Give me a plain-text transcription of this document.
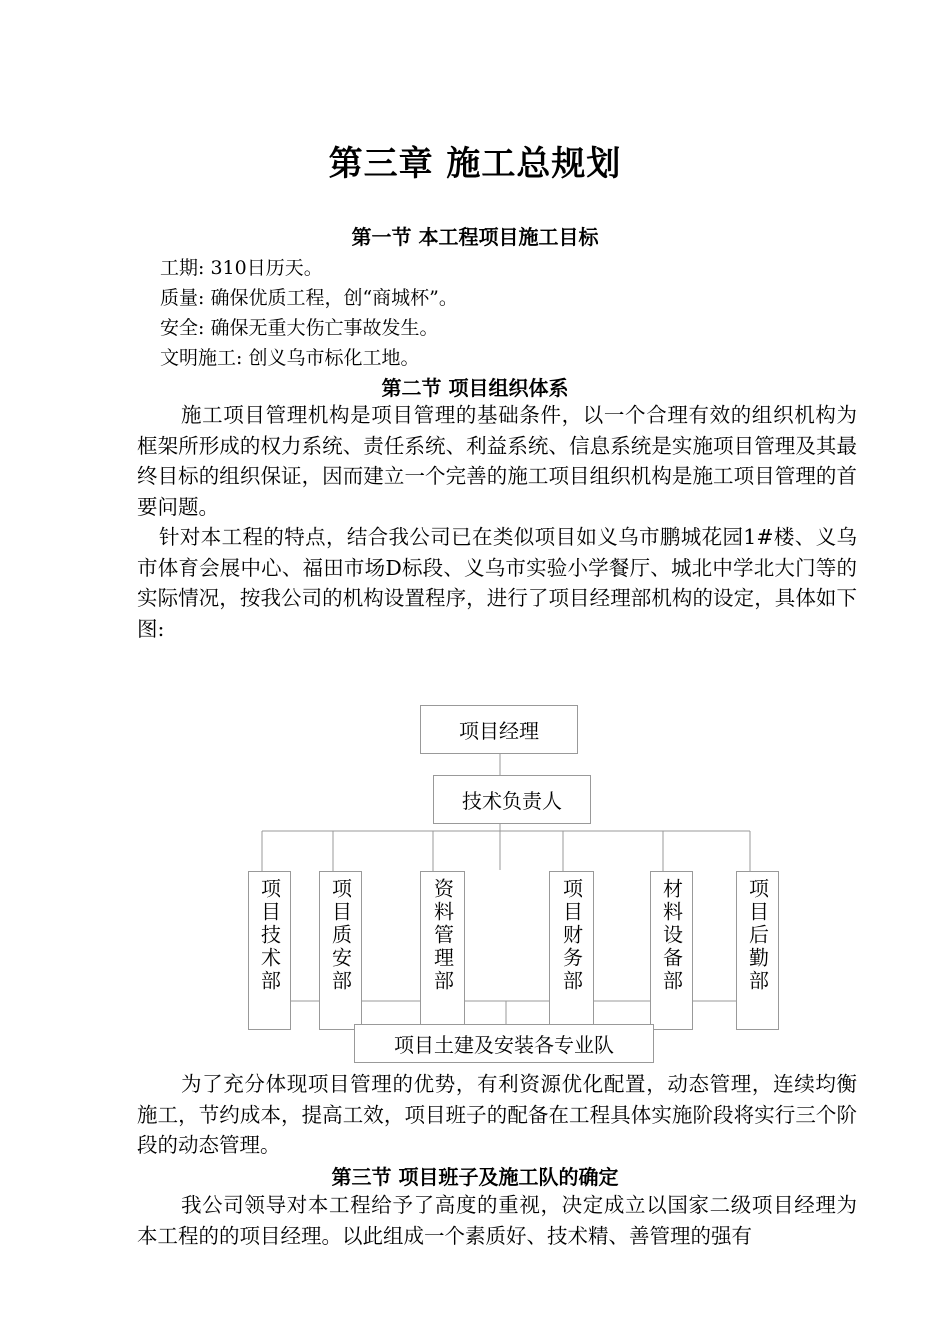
第三章 施工总规划
第一节 本工程项目施工目标
工期: 310日历天。
质量: 确保优质工程，创“商城杯”。
安全: 确保无重大伤亡事故发生。
文明施工: 创义乌市标化工地。
第二节 项目组织体系
施工项目管理机构是项目管理的基础条件，以一个合理有效的组织机构为框架所形成的权力系统、责任系统、利益系统、信息系统是实施项目管理及其最终目标的组织保证，因而建立一个完善的施工项目组织机构是施工项目管理的首要问题。
针对本工程的特点，结合我公司已在类似项目如义乌市鹏城花园1#楼、义乌市体育会展中心、福田市场D标段、义乌市实验小学餐厅、城北中学北大门等的实际情况，按我公司的机构设置程序，进行了项目经理部机构的设定，具体如下图:
项目经理
技术负责人
项目技术部 项目质安部	资料管理部	项目财务部	材料设备部	项目后勤部
项目土建及安装各专业队
为了充分体现项目管理的优势，有利资源优化配置，动态管理，连续均衡施工，节约成本，提高工效，项目班子的配备在工程具体实施阶段将实行三个阶段的动态管理。
第三节 项目班子及施工队的确定
我公司领导对本工程给予了高度的重视，决定成立以国家二级项目经理为本工程的的项目经理。以此组成一个素质好、技术精、善管理的强有
